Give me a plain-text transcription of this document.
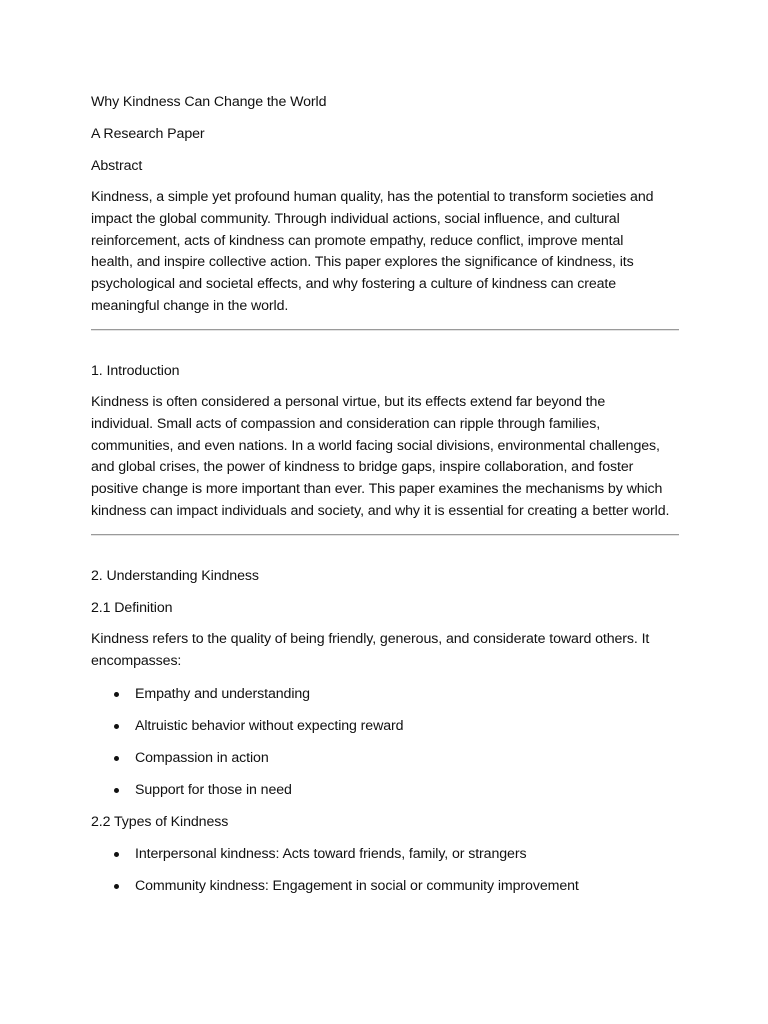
Why Kindness Can Change the World
A Research Paper
Abstract
Kindness, a simple yet profound human quality, has the potential to transform societies and
impact the global community. Through individual actions, social influence, and cultural
reinforcement, acts of kindness can promote empathy, reduce conflict, improve mental
health, and inspire collective action. This paper explores the significance of kindness, its
psychological and societal effects, and why fostering a culture of kindness can create
meaningful change in the world.
1. Introduction
Kindness is often considered a personal virtue, but its effects extend far beyond the
individual. Small acts of compassion and consideration can ripple through families,
communities, and even nations. In a world facing social divisions, environmental challenges,
and global crises, the power of kindness to bridge gaps, inspire collaboration, and foster
positive change is more important than ever. This paper examines the mechanisms by which
kindness can impact individuals and society, and why it is essential for creating a better world.
2. Understanding Kindness
2.1 Definition
Kindness refers to the quality of being friendly, generous, and considerate toward others. It
encompasses:
Empathy and understanding
Altruistic behavior without expecting reward
Compassion in action
Support for those in need
2.2 Types of Kindness
Interpersonal kindness: Acts toward friends, family, or strangers
Community kindness: Engagement in social or community improvement
